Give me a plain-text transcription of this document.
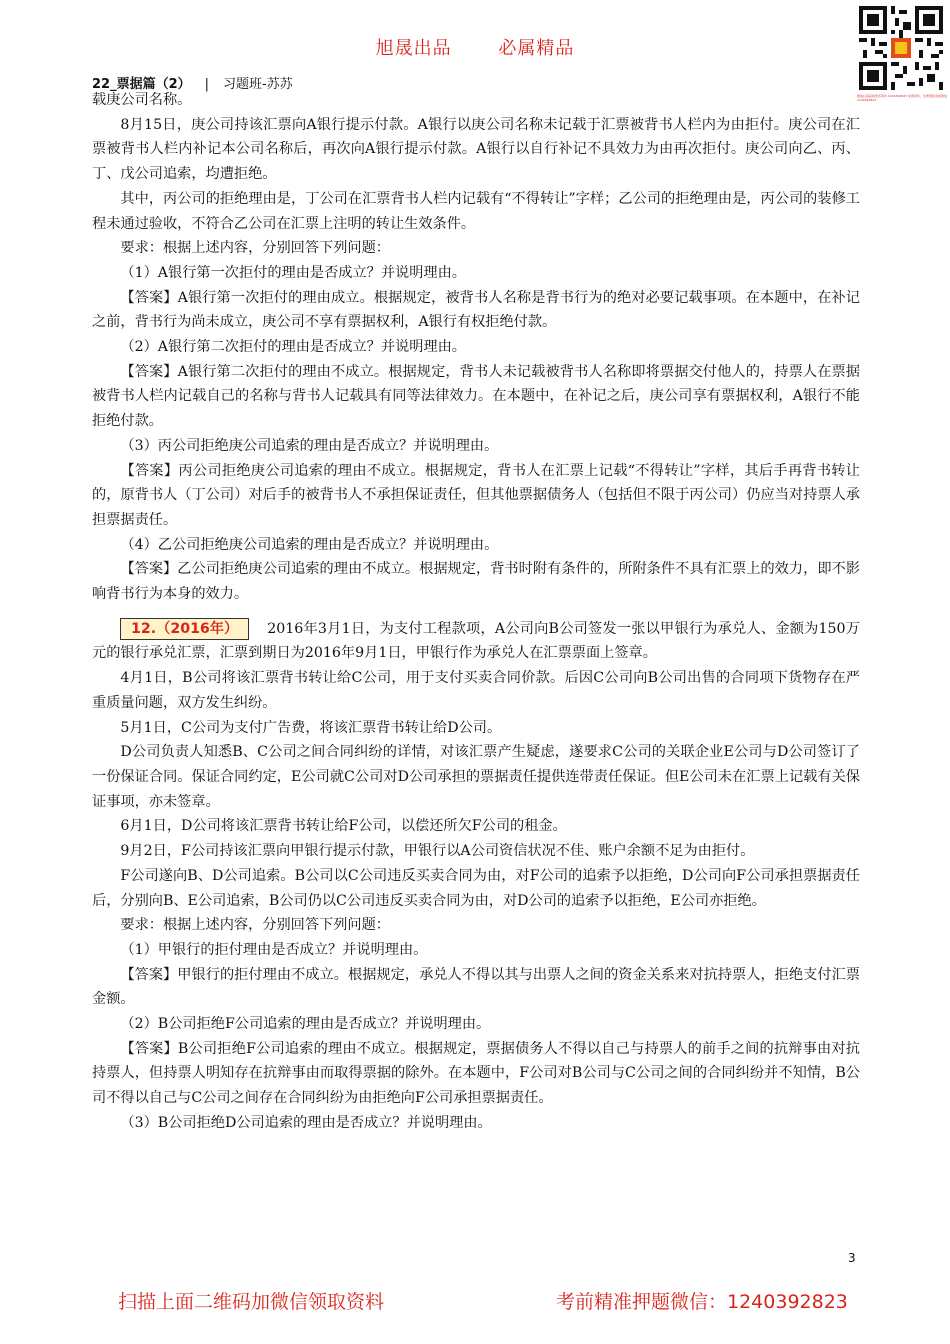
旭晟出品	必属精品
微信扫码获取更多资料 1240392823 免费资料，免费更新请加微信 1240392823
22_票据篇（2） | 习题班-苏苏

载庚公司名称。

8月15日，庚公司持该汇票向A银行提示付款。A银行以庚公司名称未记载于汇票被背书人栏内为由拒付。庚公司在汇票被背书人栏内补记本公司名称后，再次向A银行提示付款。A银行以自行补记不具效力为由再次拒付。庚公司向乙、丙、丁、戊公司追索，均遭拒绝。

其中，丙公司的拒绝理由是，丁公司在汇票背书人栏内记载有“不得转让”字样；乙公司的拒绝理由是，丙公司的装修工程未通过验收，不符合乙公司在汇票上注明的转让生效条件。

要求：根据上述内容，分别回答下列问题：

（1）A银行第一次拒付的理由是否成立？并说明理由。

【答案】A银行第一次拒付的理由成立。根据规定，被背书人名称是背书行为的绝对必要记载事项。在本题中，在补记之前，背书行为尚未成立，庚公司不享有票据权利，A银行有权拒绝付款。

（2）A银行第二次拒付的理由是否成立？并说明理由。

【答案】A银行第二次拒付的理由不成立。根据规定，背书人未记载被背书人名称即将票据交付他人的，持票人在票据被背书人栏内记载自己的名称与背书人记载具有同等法律效力。在本题中，在补记之后，庚公司享有票据权利，A银行不能拒绝付款。

（3）丙公司拒绝庚公司追索的理由是否成立？并说明理由。

【答案】丙公司拒绝庚公司追索的理由不成立。根据规定，背书人在汇票上记载“不得转让”字样，其后手再背书转让的，原背书人（丁公司）对后手的被背书人不承担保证责任，但其他票据债务人（包括但不限于丙公司）仍应当对持票人承担票据责任。

（4）乙公司拒绝庚公司追索的理由是否成立？并说明理由。

【答案】乙公司拒绝庚公司追索的理由不成立。根据规定，背书时附有条件的，所附条件不具有汇票上的效力，即不影响背书行为本身的效力。

12.（2016年） 2016年3月1日，为支付工程款项，A公司向B公司签发一张以甲银行为承兑人、金额为150万元的银行承兑汇票，汇票到期日为2016年9月1日，甲银行作为承兑人在汇票票面上签章。

4月1日，B公司将该汇票背书转让给C公司，用于支付买卖合同价款。后因C公司向B公司出售的合同项下货物存在严重质量问题，双方发生纠纷。

5月1日，C公司为支付广告费，将该汇票背书转让给D公司。

D公司负责人知悉B、C公司之间合同纠纷的详情，对该汇票产生疑虑，遂要求C公司的关联企业E公司与D公司签订了一份保证合同。保证合同约定，E公司就C公司对D公司承担的票据责任提供连带责任保证。但E公司未在汇票上记载有关保证事项，亦未签章。

6月1日，D公司将该汇票背书转让给F公司，以偿还所欠F公司的租金。

9月2日，F公司持该汇票向甲银行提示付款，甲银行以A公司资信状况不佳、账户余额不足为由拒付。

F公司遂向B、D公司追索。B公司以C公司违反买卖合同为由，对F公司的追索予以拒绝，D公司向F公司承担票据责任后，分别向B、E公司追索，B公司仍以C公司违反买卖合同为由，对D公司的追索予以拒绝，E公司亦拒绝。

要求：根据上述内容，分别回答下列问题：

（1）甲银行的拒付理由是否成立？并说明理由。

【答案】甲银行的拒付理由不成立。根据规定，承兑人不得以其与出票人之间的资金关系来对抗持票人，拒绝支付汇票金额。

（2）B公司拒绝F公司追索的理由是否成立？并说明理由。

【答案】B公司拒绝F公司追索的理由不成立。根据规定，票据债务人不得以自己与持票人的前手之间的抗辩事由对抗持票人，但持票人明知存在抗辩事由而取得票据的除外。在本题中，F公司对B公司与C公司之间的合同纠纷并不知情，B公司不得以自己与C公司之间存在合同纠纷为由拒绝向F公司承担票据责任。

（3）B公司拒绝D公司追索的理由是否成立？并说明理由。

3
扫描上面二维码加微信领取资料	考前精准押题微信：1240392823
